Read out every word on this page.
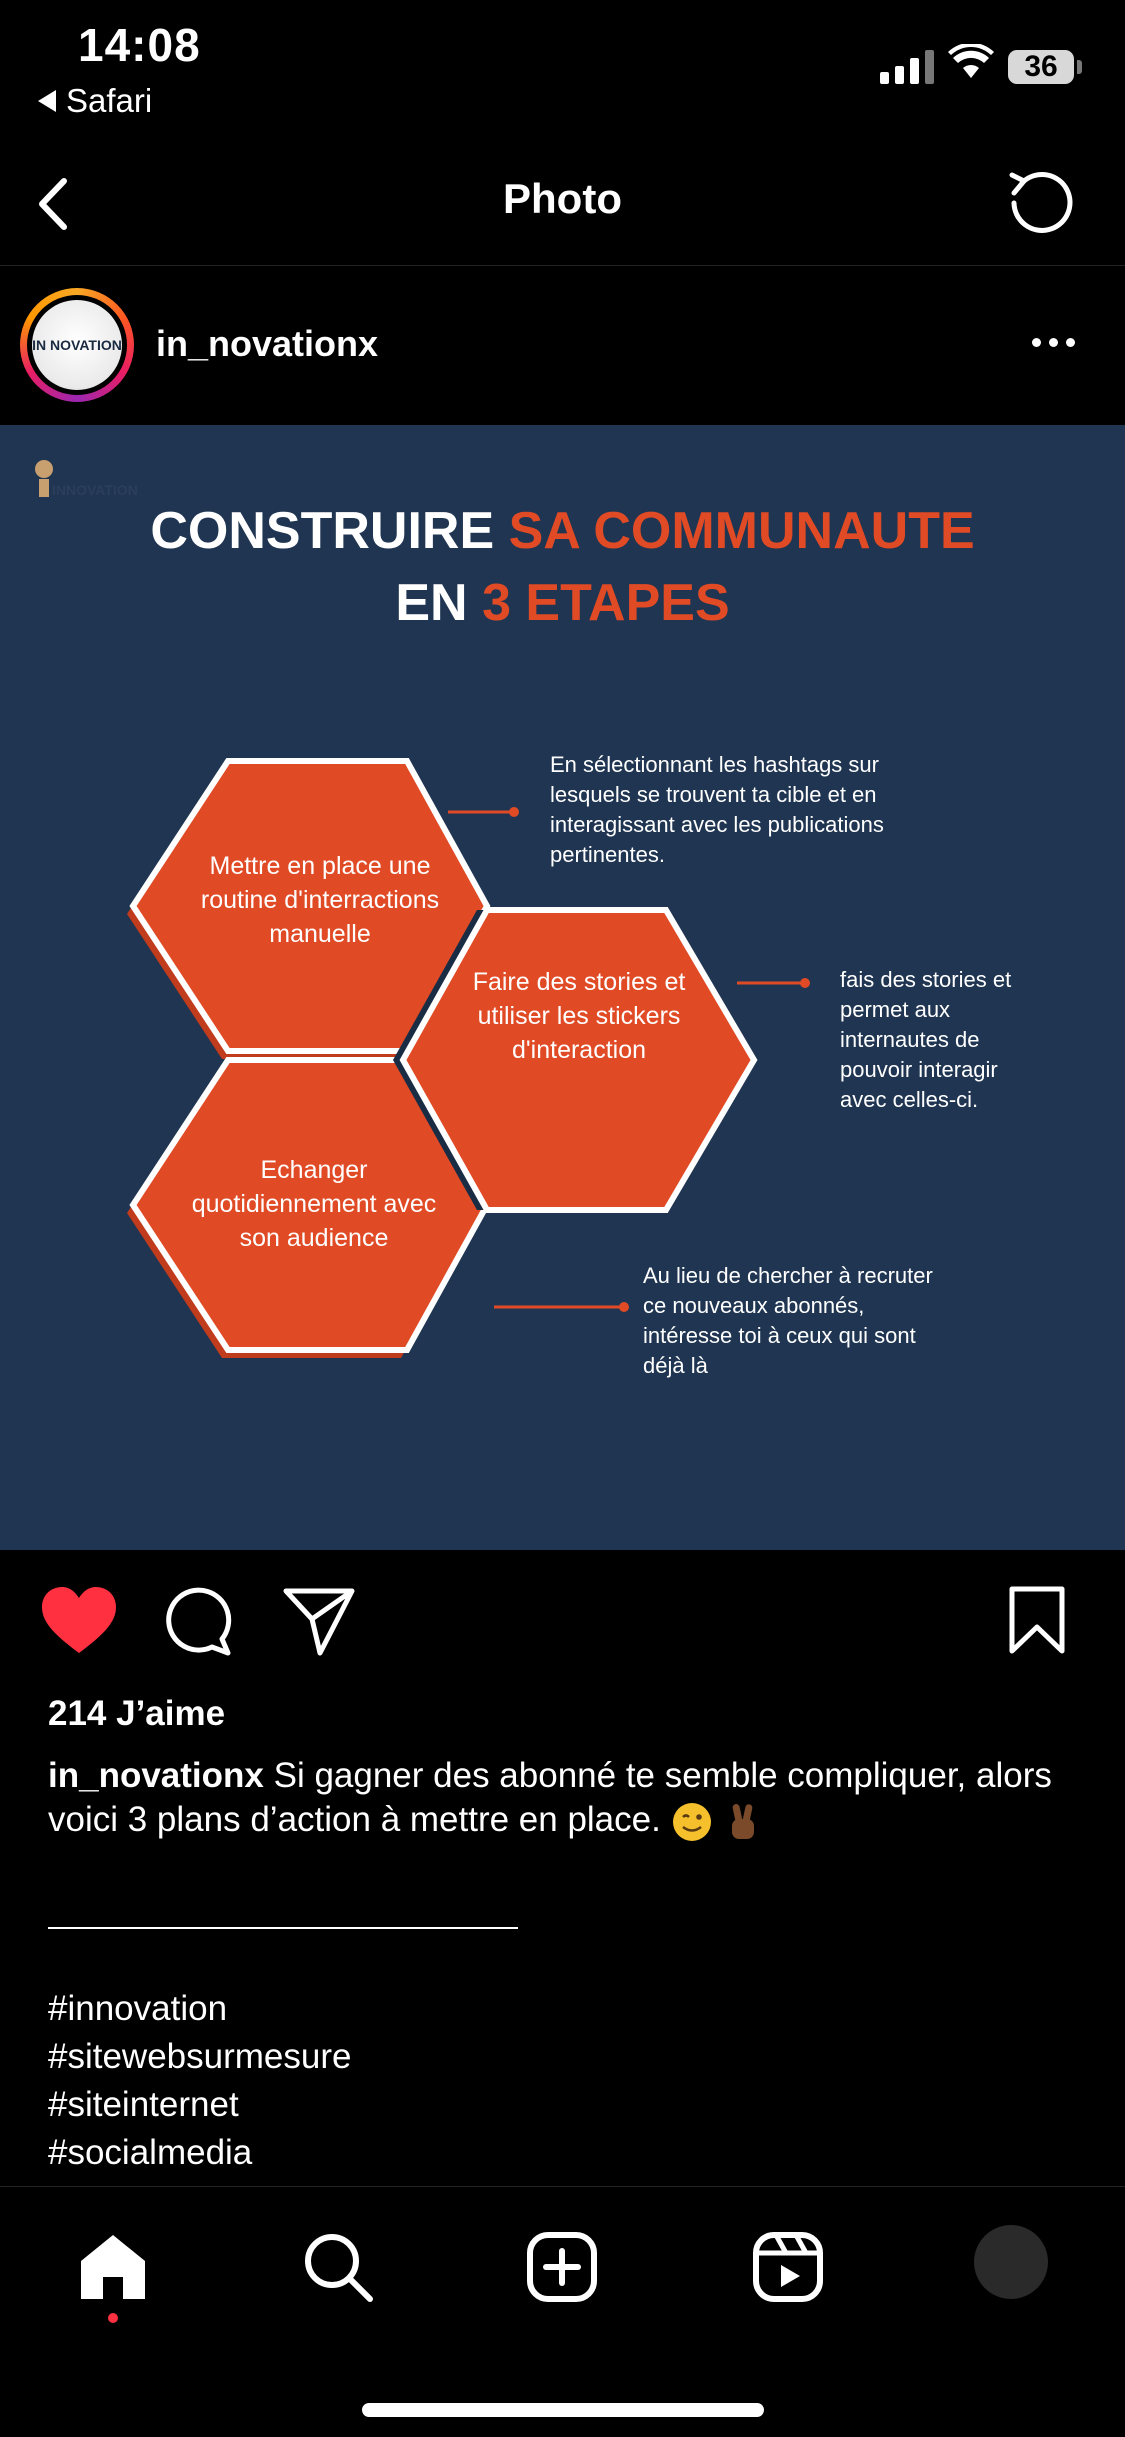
14:08
Safari
36
Photo
IN NOVATION in_novationx
INNOVATION
CONSTRUIRE SA COMMUNAUTE
EN 3 ETAPES
Mettre en place une routine d'interractions manuelle
Faire des stories et utiliser les stickers d'interaction
Echanger quotidiennement avec son audience
En sélectionnant les hashtags sur lesquels se trouvent ta cible et en interagissant avec les publications pertinentes.
fais des stories et permet aux internautes de pouvoir interagir avec celles-ci.
Au lieu de chercher à recruter ce nouveaux abonnés, intéresse toi à ceux qui sont déjà là
214 J’aime
in_novationx Si gagner des abonné te semble compliquer, alors voici 3 plans d’action à mettre en place.
#innovation
#sitewebsurmesure
#siteinternet
#socialmedia
